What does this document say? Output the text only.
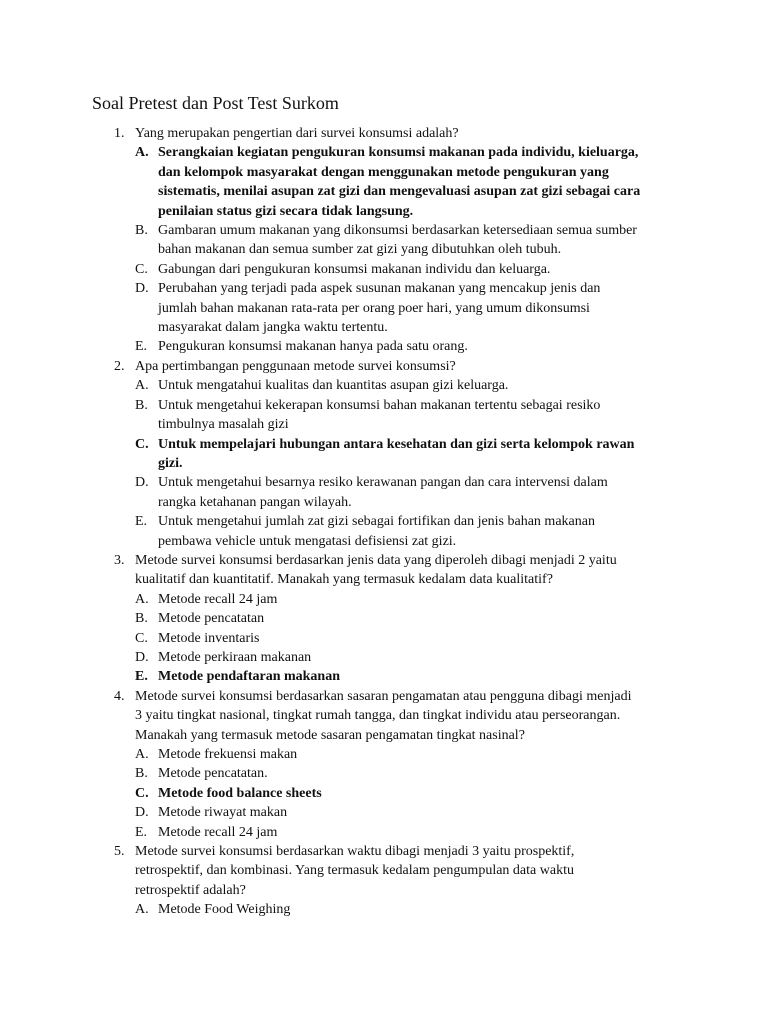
Soal Pretest dan Post Test Surkom
1. Yang merupakan pengertian dari survei konsumsi adalah?
A. Serangkaian kegiatan pengukuran konsumsi makanan pada individu, kieluarga,
dan kelompok masyarakat dengan menggunakan metode pengukuran yang
sistematis, menilai asupan zat gizi dan mengevaluasi asupan zat gizi sebagai cara
penilaian status gizi secara tidak langsung.
B. Gambaran umum makanan yang dikonsumsi berdasarkan ketersediaan semua sumber
bahan makanan dan semua sumber zat gizi yang dibutuhkan oleh tubuh.
C. Gabungan dari pengukuran konsumsi makanan individu dan keluarga.
D. Perubahan yang terjadi pada aspek susunan makanan yang mencakup jenis dan
jumlah bahan makanan rata-rata per orang poer hari, yang umum dikonsumsi
masyarakat dalam jangka waktu tertentu.
E. Pengukuran konsumsi makanan hanya pada satu orang.
2. Apa pertimbangan penggunaan metode survei konsumsi?
A. Untuk mengatahui kualitas dan kuantitas asupan gizi keluarga.
B. Untuk mengetahui kekerapan konsumsi bahan makanan tertentu sebagai resiko
timbulnya masalah gizi
C. Untuk mempelajari hubungan antara kesehatan dan gizi serta kelompok rawan
gizi.
D. Untuk mengetahui besarnya resiko kerawanan pangan dan cara intervensi dalam
rangka ketahanan pangan wilayah.
E. Untuk mengetahui jumlah zat gizi sebagai fortifikan dan jenis bahan makanan
pembawa vehicle untuk mengatasi defisiensi zat gizi.
3. Metode survei konsumsi berdasarkan jenis data yang diperoleh dibagi menjadi 2 yaitu
kualitatif dan kuantitatif. Manakah yang termasuk kedalam data kualitatif?
A. Metode recall 24 jam
B. Metode pencatatan
C. Metode inventaris
D. Metode perkiraan makanan
E. Metode pendaftaran makanan
4. Metode survei konsumsi berdasarkan sasaran pengamatan atau pengguna dibagi menjadi
3 yaitu tingkat nasional, tingkat rumah tangga, dan tingkat individu atau perseorangan.
Manakah yang termasuk metode sasaran pengamatan tingkat nasinal?
A. Metode frekuensi makan
B. Metode pencatatan.
C. Metode food balance sheets
D. Metode riwayat makan
E. Metode recall 24 jam
5. Metode survei konsumsi berdasarkan waktu dibagi menjadi 3 yaitu prospektif,
retrospektif, dan kombinasi. Yang termasuk kedalam pengumpulan data waktu
retrospektif adalah?
A. Metode Food Weighing
